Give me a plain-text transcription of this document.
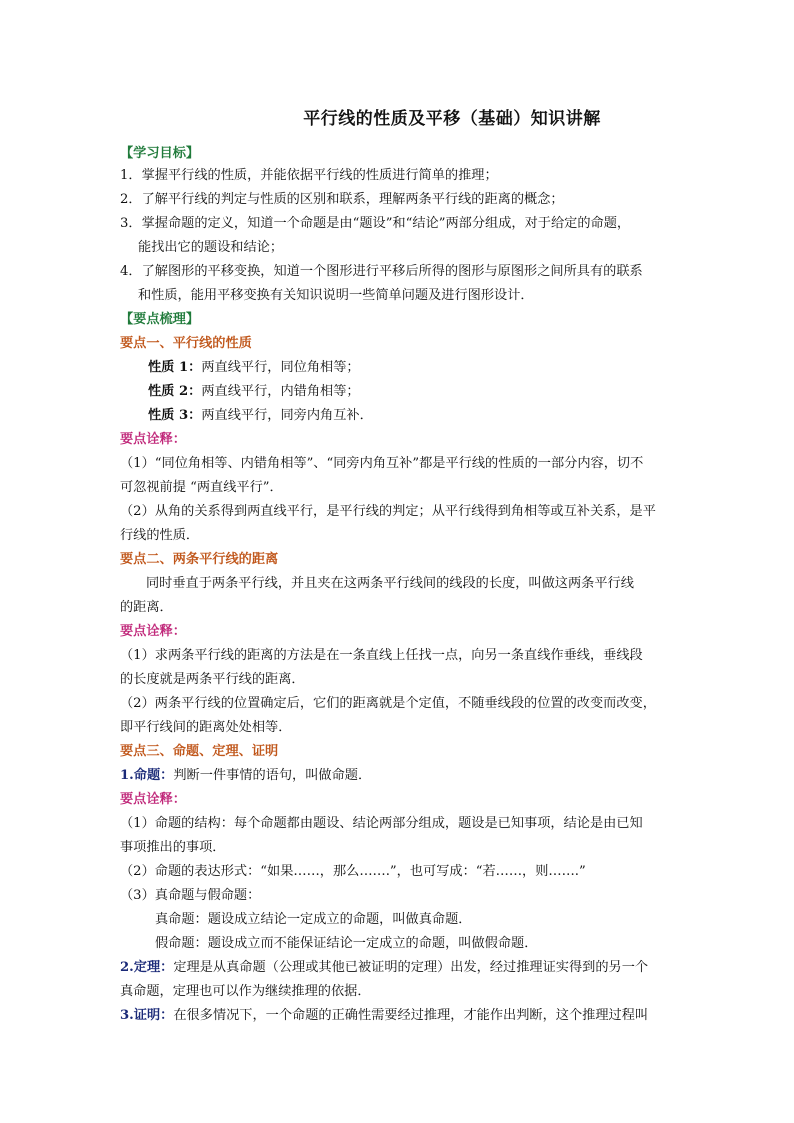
平行线的性质及平移（基础）知识讲解
【学习目标】
1．掌握平行线的性质，并能依据平行线的性质进行简单的推理；
2．了解平行线的判定与性质的区别和联系，理解两条平行线的距离的概念；
3．掌握命题的定义，知道一个命题是由“题设”和“结论”两部分组成，对于给定的命题，
能找出它的题设和结论；
4．了解图形的平移变换，知道一个图形进行平移后所得的图形与原图形之间所具有的联系
和性质，能用平移变换有关知识说明一些简单问题及进行图形设计．
【要点梳理】
要点一、平行线的性质
性质 1：两直线平行，同位角相等；
性质 2：两直线平行，内错角相等；
性质 3：两直线平行，同旁内角互补．
要点诠释：
（1）“同位角相等、内错角相等”、“同旁内角互补”都是平行线的性质的一部分内容，切不
可忽视前提 “两直线平行”．
（2）从角的关系得到两直线平行，是平行线的判定；从平行线得到角相等或互补关系，是平
行线的性质．
要点二、两条平行线的距离
同时垂直于两条平行线，并且夹在这两条平行线间的线段的长度，叫做这两条平行线
的距离．
要点诠释：
（1）求两条平行线的距离的方法是在一条直线上任找一点，向另一条直线作垂线，垂线段
的长度就是两条平行线的距离．
（2）两条平行线的位置确定后，它们的距离就是个定值，不随垂线段的位置的改变而改变，
即平行线间的距离处处相等．
要点三、命题、定理、证明
1.命题：判断一件事情的语句，叫做命题．
要点诠释：
（1）命题的结构：每个命题都由题设、结论两部分组成，题设是已知事项，结论是由已知
事项推出的事项．
（2）命题的表达形式：“如果……，那么…….”，也可写成：“若……，则…….”
（3）真命题与假命题：
真命题：题设成立结论一定成立的命题，叫做真命题．
假命题：题设成立而不能保证结论一定成立的命题，叫做假命题．
2.定理：定理是从真命题（公理或其他已被证明的定理）出发，经过推理证实得到的另一个
真命题，定理也可以作为继续推理的依据．
3.证明：在很多情况下，一个命题的正确性需要经过推理，才能作出判断，这个推理过程叫
